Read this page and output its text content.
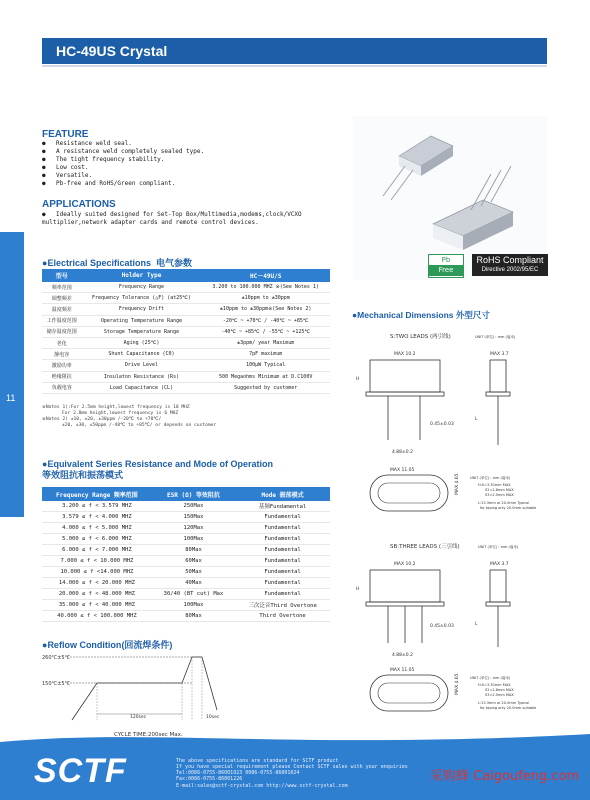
HC-49US Crystal
11
FEATURE
● Resistance weld seal.
● A resistance weld completely sealed type.
● The tight frequency stability.
● Low cost.
● Versatile.
● Pb-free and RoHS/Green compliant.
APPLICATIONS
● Ideally suited designed for Set-Top Box/Multimedia,modems,clock/VCXO
multiplier,network adapter cards and remote control devices.
Pb
Free
RoHS Compliant
Directive 2002/95/EC
●Electrical Specifications 电气参数
型号	Holder Type	HC－49U/S
频率范围	Frequency Range	3.200 to 100.000 MHZ ※(See Notes 1)
调整频差	Frequency Tolerance (△F) (at25℃)	±10ppm to ±30ppm
温度频差	Frequency Drift	±10ppm to ±30ppm※(See Notes 2)
工作温度范围	Operating Temperature Range	-20℃ ~ +70℃ / -40℃ ~ +85℃
储存温度范围	Storage Temperature Range	-40℃ ~ +85℃ / -55℃ ~ +125℃
老化	Aging (25℃)	±3ppm/ year Maximum
静电容	Shunt Capacitance (C0)	7pF maximum
激励功率	Drive Level	100μW Typical
绝缘阻抗	Insulaton Resistance (Rs)	500 Megaohms Minimum at D.C100V
负载电容	Load Capacitance (CL)	Suggested by customer
※Notes 1):For 2.5mm height,lowest frequency is 10 MHZ
For 2.8mm height,lowest frequency is 6 MHZ
※Notes 2) ±10, ±20, ±30ppm /-20℃ to +70℃/
±20, ±30, ±50ppm /-40℃ to +85℃/ or depends on customer
●Equivalent Series Resistance and Mode of Operation
等效阻抗和振荡模式
Frequency Range 频率范围	ESR (Ω) 等效阻抗	Mode 振荡模式
3.200 ≤ f < 3.579 MHZ	250Max	基频Fundamental
3.579 ≤ f < 4.000 MHZ	150Max	Fundamental
4.000 ≤ f < 5.000 MHZ	120Max	Fundamental
5.000 ≤ f < 6.000 MHZ	100Max	Fundamental
6.000 ≤ f < 7.000 MHZ	80Max	Fundamental
7.000 ≤ f < 10.000 MHZ	60Max	Fundamental
10.000 ≤ f <14.000 MHZ	50Max	Fundamental
14.000 ≤ f < 20.000 MHZ	40Max	Fundamental
20.000 ≤ f < 48.000 MHZ	30/40 (BT cut) Max	Fundamental
35.000 ≤ f < 40.000 MHZ	100Max	三次泛音Third Overtone
40.000 ≤ f < 100.000 MHZ	80Max	Third Overtone
●Reflow Condition(回流焊条件)
260℃±5℃
150℃±5℃
120sec	10sec
CYCLE TIME:200sec Max.
●Mechanical Dimensions 外型尺寸
S:TWO LEADS (两引线)	UNIT (单位) : mm (毫米)
MAX 10.2
H
0.45±0.03
4.88±0.2
MAX 3.7
L
MAX 11.05
MAX 4.65	UNIT (单位) : mm (毫米)
H:S=3.30mm MAX
S2=2.8mm MAX
S3=2.5mm MAX
L:13.3mm or 20.0mm Typical
for taping only 20.0mm suitable
SB:THREE LEADS (三引线)	UNIT (单位) : mm (毫米)
MAX 10.2
H
0.45±0.03
4.88±0.2
MAX 3.7
L
MAX 11.05
MAX 4.65	UNIT (单位) : mm (毫米)
H:S=3.30mm MAX
S2=2.8mm MAX
S3=2.5mm MAX
L:13.3mm or 20.0mm Typical
for taping only 20.0mm suitable
SCTF	The above specifications are standard for SCTF product
If you have special requirement please Contact SCTF sales with your enquiries
Tel:0086-0755-86001023 0086-0755-86001024
Fax:0086-0755-86001226
E-mail:sales@sctf-crystal.com http://www.sctf-crystal.com
采购蜂 Caigoufeng.com
